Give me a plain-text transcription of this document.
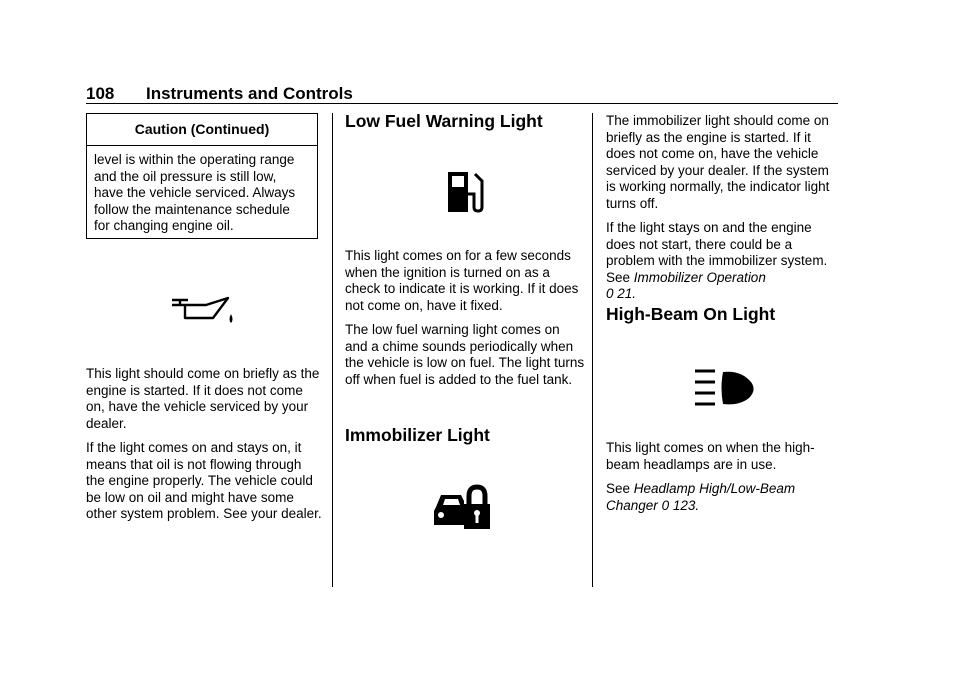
108 Instruments and Controls
Caution (Continued)
level is within the operating range and the oil pressure is still low, have the vehicle serviced. Always follow the maintenance schedule for changing engine oil.

This light should come on briefly as the engine is started. If it does not come on, have the vehicle serviced by your dealer.

If the light comes on and stays on, it means that oil is not flowing through the engine properly. The vehicle could be low on oil and might have some other system problem. See your dealer.

Low Fuel Warning Light

This light comes on for a few seconds when the ignition is turned on as a check to indicate it is working. If it does not come on, have it fixed.

The low fuel warning light comes on and a chime sounds periodically when the vehicle is low on fuel. The light turns off when fuel is added to the fuel tank.

Immobilizer Light

The immobilizer light should come on briefly as the engine is started. If it does not come on, have the vehicle serviced by your dealer. If the system is working normally, the indicator light turns off.

If the light stays on and the engine does not start, there could be a problem with the immobilizer system. See Immobilizer Operation
0 21.

High-Beam On Light

This light comes on when the high-beam headlamps are in use.

See Headlamp High/Low-Beam Changer 0 123.
